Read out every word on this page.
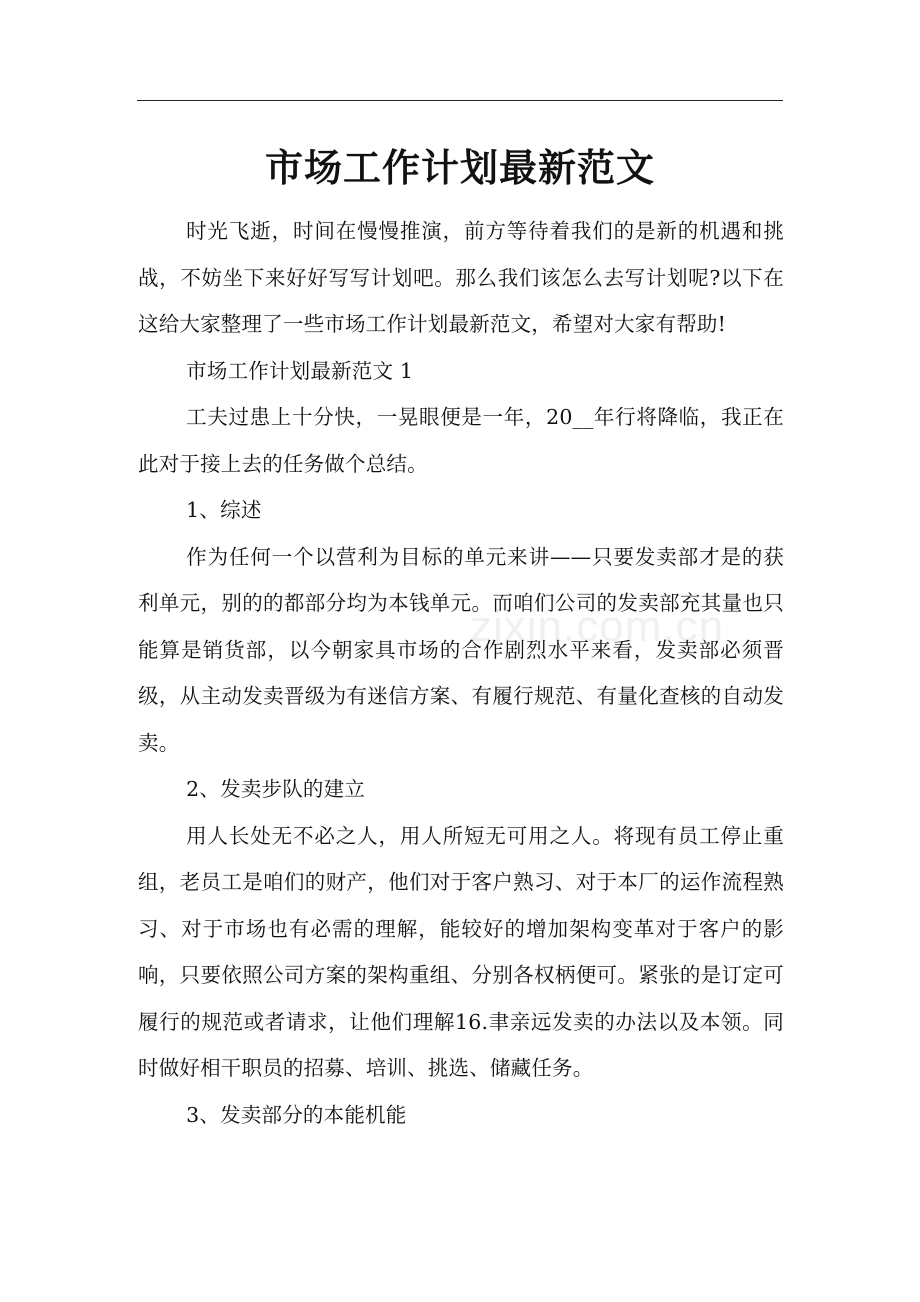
市场工作计划最新范文
zixin.com.cn

时光飞逝，时间在慢慢推演，前方等待着我们的是新的机遇和挑战，不妨坐下来好好写写计划吧。那么我们该怎么去写计划呢?以下在这给大家整理了一些市场工作计划最新范文，希望对大家有帮助!

市场工作计划最新范文 1

工夫过患上十分快，一晃眼便是一年，20__年行将降临，我正在此对于接上去的任务做个总结。

1、综述

作为任何一个以营利为目标的单元来讲——只要发卖部才是的获利单元，别的的都部分均为本钱单元。而咱们公司的发卖部充其量也只能算是销货部，以今朝家具市场的合作剧烈水平来看，发卖部必须晋级，从主动发卖晋级为有迷信方案、有履行规范、有量化查核的自动发卖。

2、发卖步队的建立

用人长处无不必之人，用人所短无可用之人。将现有员工停止重组，老员工是咱们的财产，他们对于客户熟习、对于本厂的运作流程熟习、对于市场也有必需的理解，能较好的增加架构变革对于客户的影响，只要依照公司方案的架构重组、分别各权柄便可。紧张的是订定可履行的规范或者请求，让他们理解16.聿亲远发卖的办法以及本领。同时做好相干职员的招募、培训、挑选、储藏任务。

3、发卖部分的本能机能
